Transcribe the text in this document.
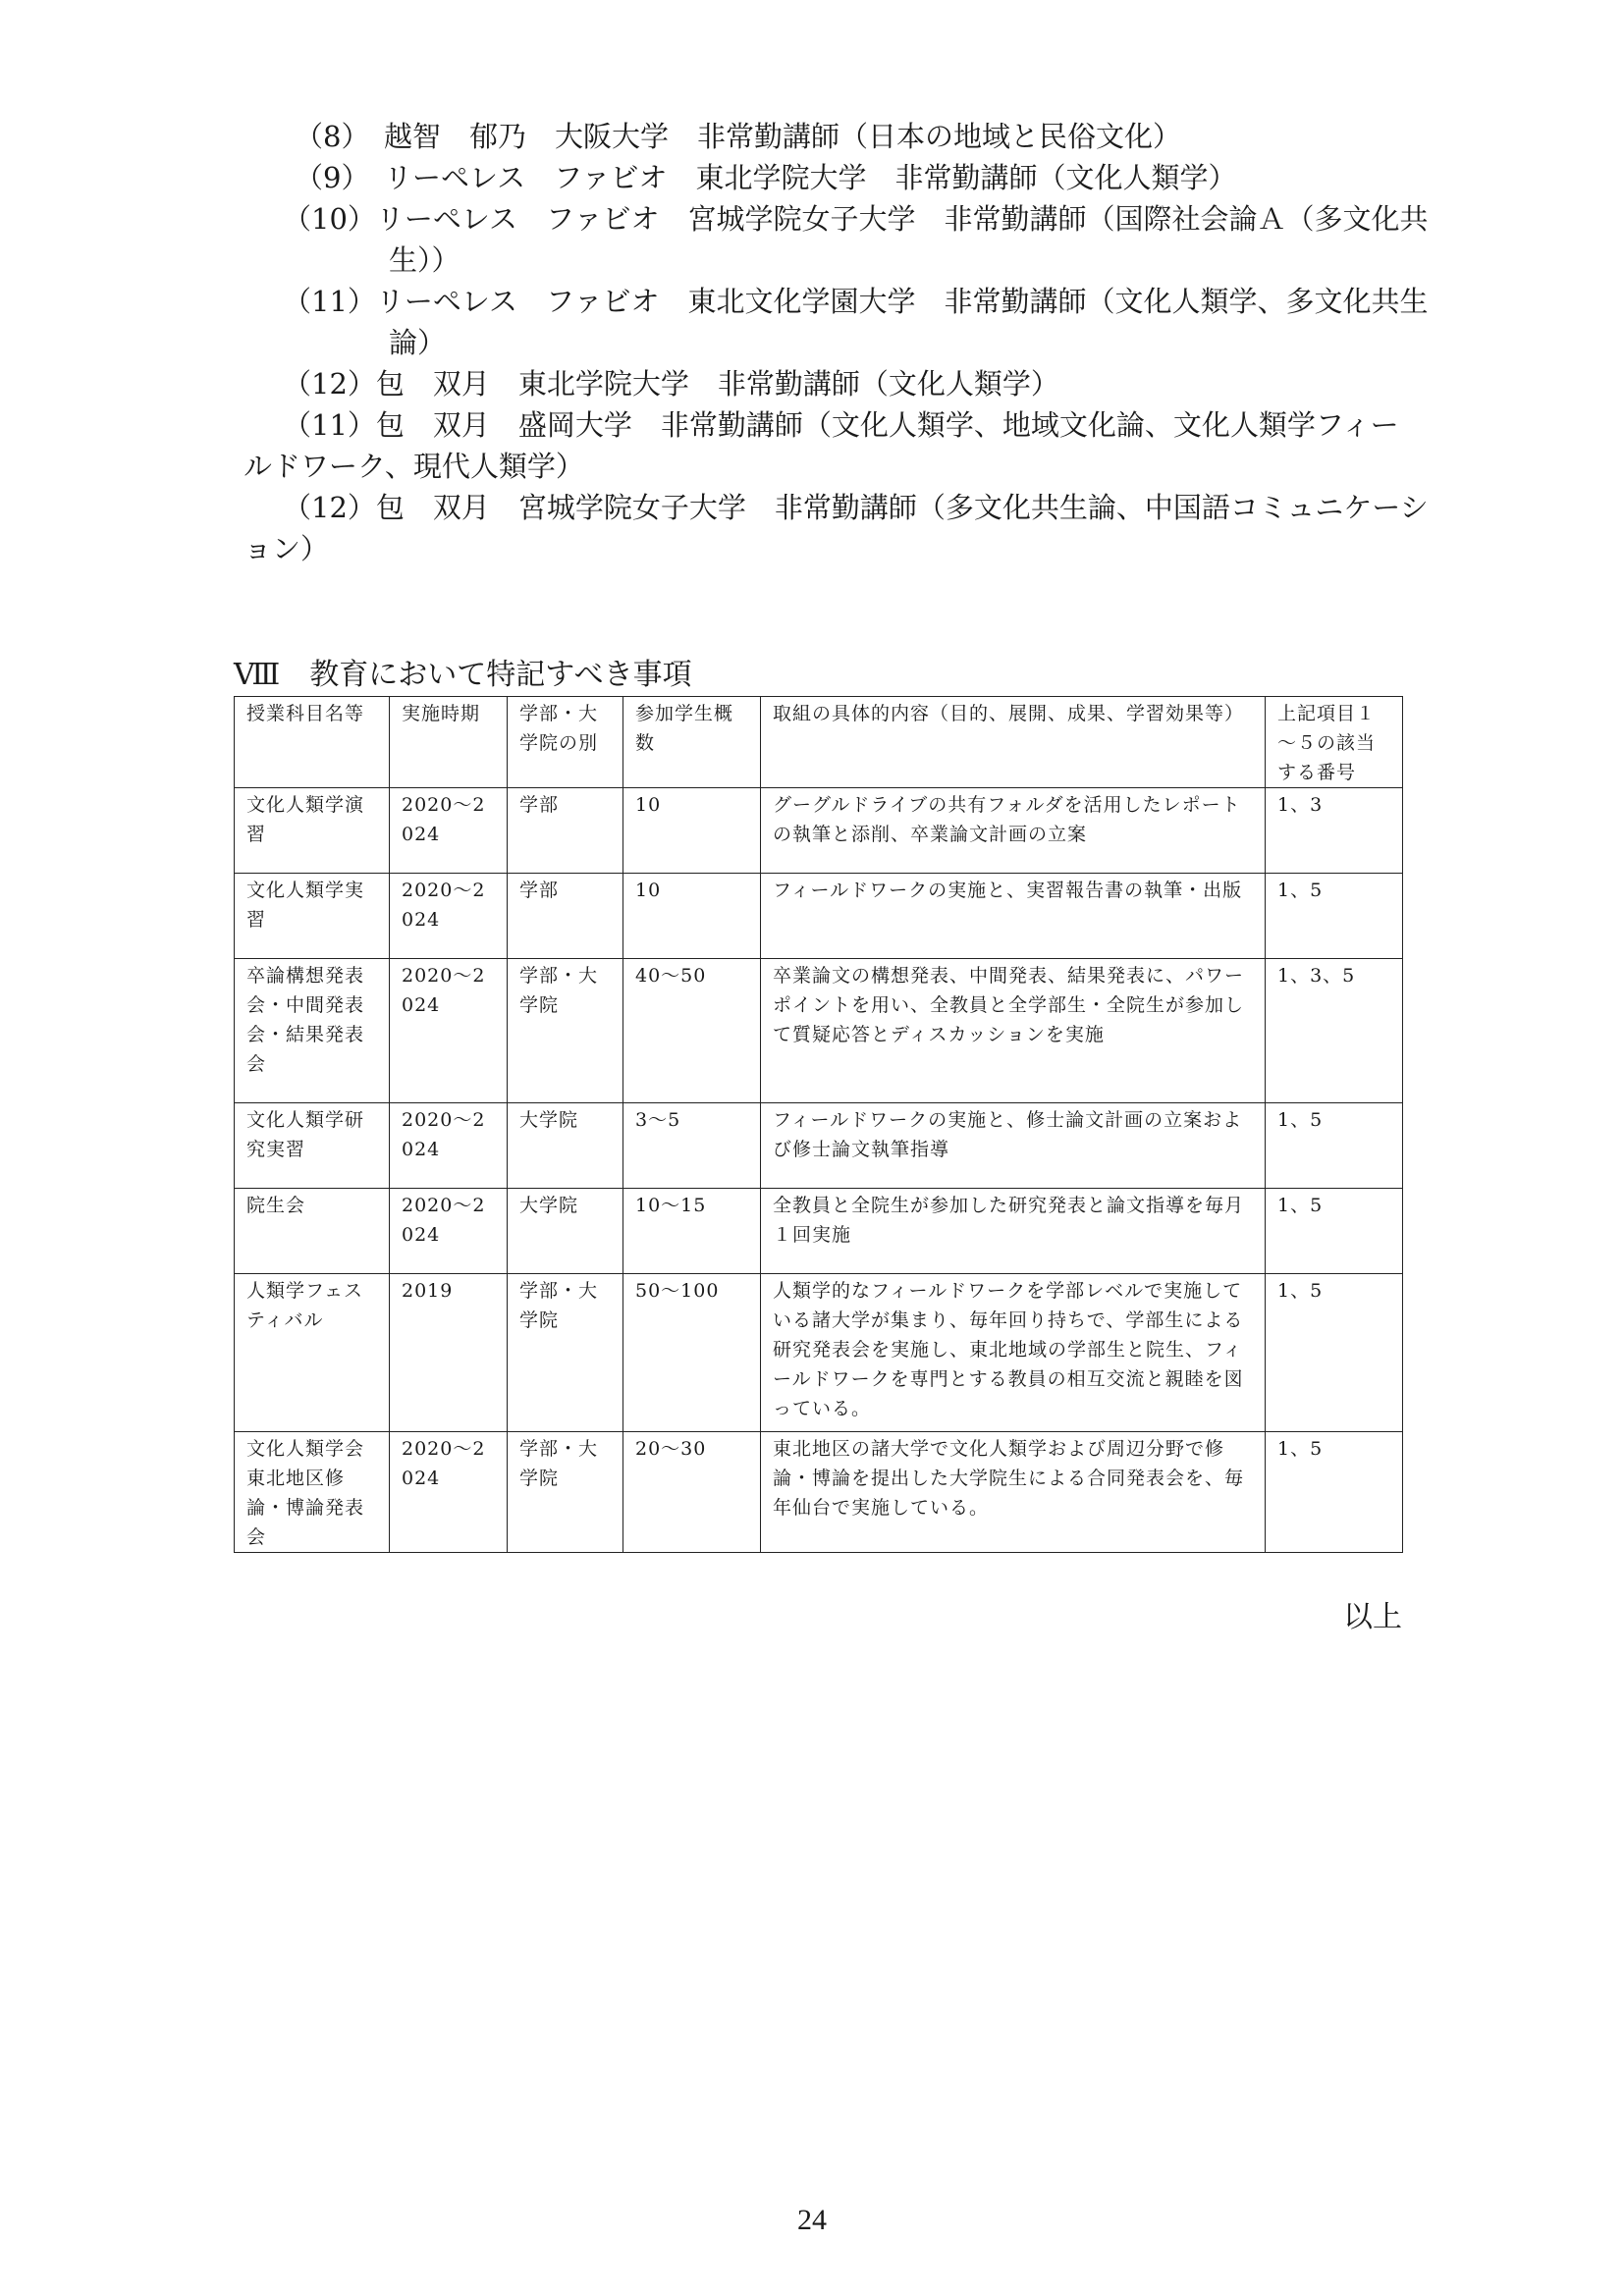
（8）　越智　郁乃　大阪大学　非常勤講師（日本の地域と民俗文化）
（9）　リーペレス　ファビオ　東北学院大学　非常勤講師（文化人類学）
（10）リーペレス　ファビオ　宮城学院女子大学　非常勤講師（国際社会論Ａ（多文化共
生））
（11）リーペレス　ファビオ　東北文化学園大学　非常勤講師（文化人類学、多文化共生
論）
（12）包　双月　東北学院大学　非常勤講師（文化人類学）
（11）包　双月　盛岡大学　非常勤講師（文化人類学、地域文化論、文化人類学フィー
ルドワーク、現代人類学）
（12）包　双月　宮城学院女子大学　非常勤講師（多文化共生論、中国語コミュニケーシ
ョン）
Ⅷ　教育において特記すべき事項
授業科目名等	実施時期	学部・大学院の別	参加学生概数	取組の具体的内容（目的、展開、成果、学習効果等）	上記項目１～５の該当する番号
文化人類学演習	2020～2024	学部	10	グーグルドライブの共有フォルダを活用したレポートの執筆と添削、卒業論文計画の立案	1、3
文化人類学実習	2020～2024	学部	10	フィールドワークの実施と、実習報告書の執筆・出版	1、5
卒論構想発表会・中間発表会・結果発表会	2020～2024	学部・大学院	40～50	卒業論文の構想発表、中間発表、結果発表に、パワーポイントを用い、全教員と全学部生・全院生が参加して質疑応答とディスカッションを実施	1、3、5
文化人類学研究実習	2020～2024	大学院	3～5	フィールドワークの実施と、修士論文計画の立案および修士論文執筆指導	1、5
院生会	2020～2024	大学院	10～15	全教員と全院生が参加した研究発表と論文指導を毎月１回実施	1、5
人類学フェスティバル	2019	学部・大学院	50～100	人類学的なフィールドワークを学部レベルで実施している諸大学が集まり、毎年回り持ちで、学部生による研究発表会を実施し、東北地域の学部生と院生、フィールドワークを専門とする教員の相互交流と親睦を図っている。	1、5
文化人類学会東北地区修論・博論発表会	2020～2024	学部・大学院	20～30	東北地区の諸大学で文化人類学および周辺分野で修論・博論を提出した大学院生による合同発表会を、毎年仙台で実施している。	1、5
以上
24
